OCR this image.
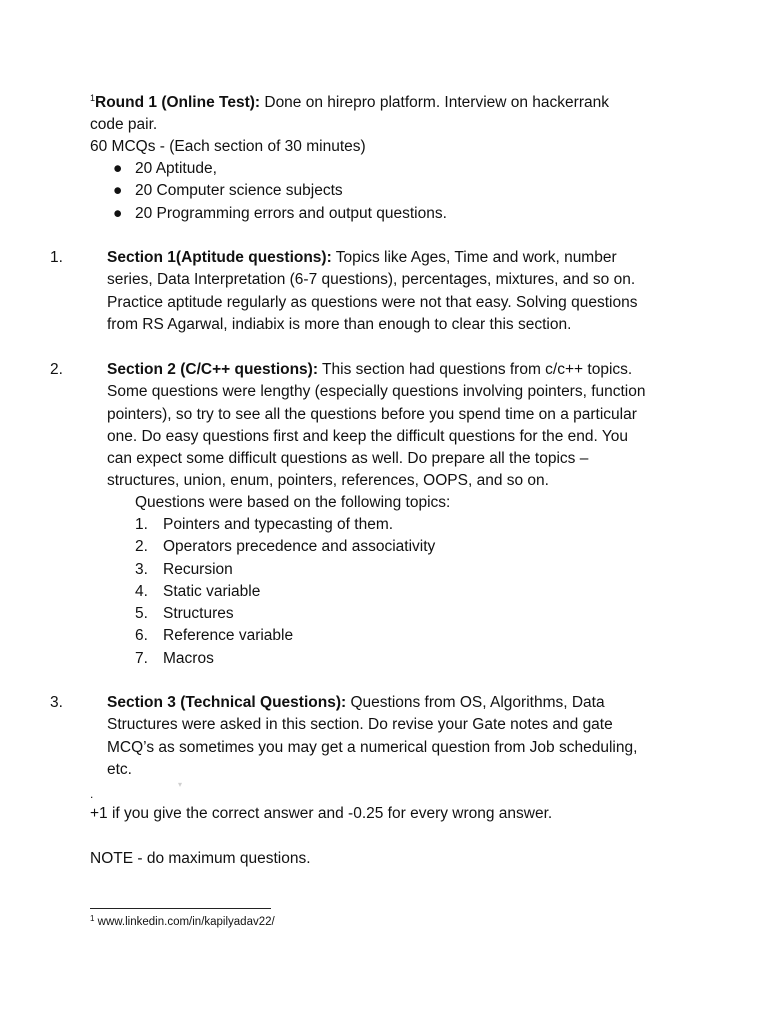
$^1$Round 1 (Online Test): Done on hirepro platform. Interview on hackerrank
code pair.
60 MCQs - (Each section of 30 minutes)
● 20 Aptitude,
● 20 Computer science subjects
● 20 Programming errors and output questions.
1.	Section 1(Aptitude questions): Topics like Ages, Time and work, number
series, Data Interpretation (6-7 questions), percentages, mixtures, and so on.
Practice aptitude regularly as questions were not that easy. Solving questions
from RS Agarwal, indiabix is more than enough to clear this section.
2.	Section 2 (C/C++ questions): This section had questions from c/c++ topics.
Some questions were lengthy (especially questions involving pointers, function
pointers), so try to see all the questions before you spend time on a particular
one. Do easy questions first and keep the difficult questions for the end. You
can expect some difficult questions as well. Do prepare all the topics –
structures, union, enum, pointers, references, OOPS, and so on.
Questions were based on the following topics:
1. Pointers and typecasting of them.
2. Operators precedence and associativity
3. Recursion
4. Static variable
5. Structures
6. Reference variable
7. Macros
3.	Section 3 (Technical Questions): Questions from OS, Algorithms, Data
Structures were asked in this section. Do revise your Gate notes and gate
MCQ’s as sometimes you may get a numerical question from Job scheduling,
etc.
▾
.
+1 if you give the correct answer and -0.25 for every wrong answer.
NOTE - do maximum questions.
$^1$ www.linkedin.com/in/kapilyadav22/
